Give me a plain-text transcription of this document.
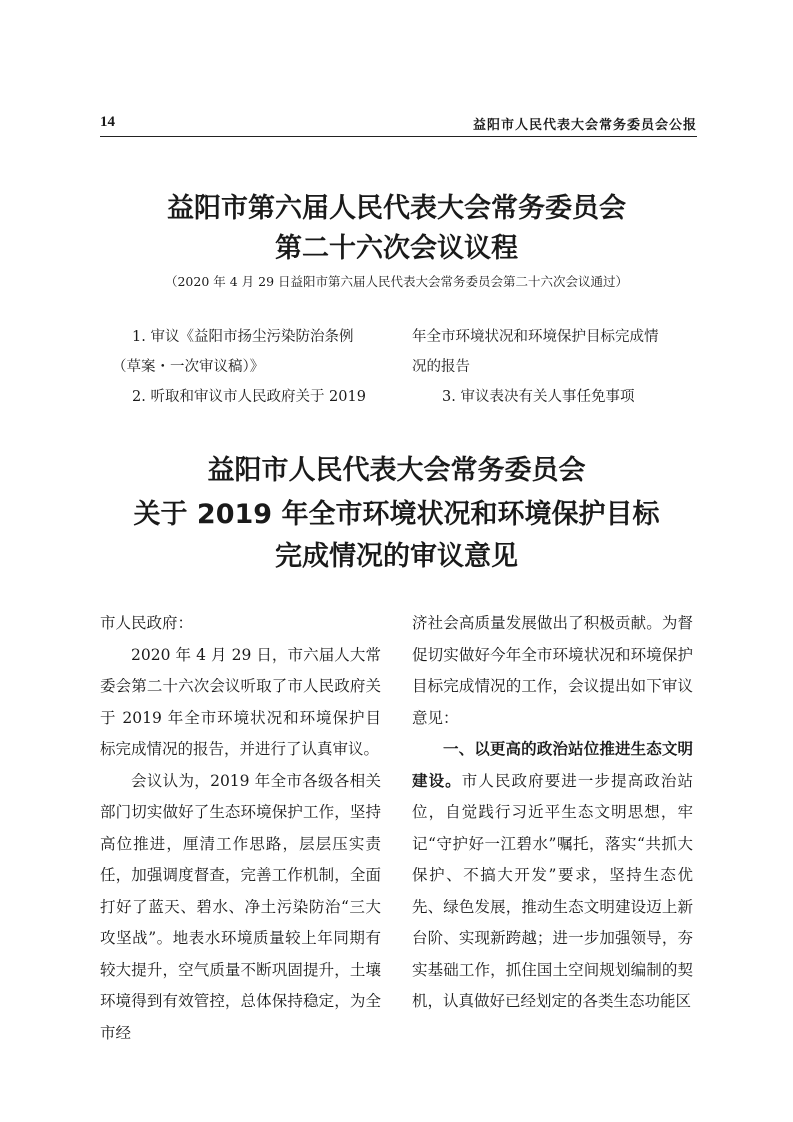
14	益阳市人民代表大会常务委员会公报
益阳市第六届人民代表大会常务委员会
第二十六次会议议程

（2020 年 4 月 29 日益阳市第六届人民代表大会常务委员会第二十六次会议通过）

1. 审议《益阳市扬尘污染防治条例
（草案・一次审议稿）》
2. 听取和审议市人民政府关于 2019
年全市环境状况和环境保护目标完成情
况的报告
3. 审议表决有关人事任免事项
益阳市人民代表大会常务委员会
关于 2019 年全市环境状况和环境保护目标
完成情况的审议意见

市人民政府：

2020 年 4 月 29 日，市六届人大常委会第二十六次会议听取了市人民政府关于 2019 年全市环境状况和环境保护目标完成情况的报告，并进行了认真审议。

会议认为，2019 年全市各级各相关部门切实做好了生态环境保护工作，坚持高位推进，厘清工作思路，层层压实责任，加强调度督查，完善工作机制，全面打好了蓝天、碧水、净土污染防治“三大攻坚战”。地表水环境质量较上年同期有较大提升，空气质量不断巩固提升，土壤环境得到有效管控，总体保持稳定，为全市经

济社会高质量发展做出了积极贡献。为督促切实做好今年全市环境状况和环境保护目标完成情况的工作，会议提出如下审议意见：

一、以更高的政治站位推进生态文明建设。市人民政府要进一步提高政治站位，自觉践行习近平生态文明思想，牢记“守护好一江碧水”嘱托，落实“共抓大保护、不搞大开发”要求，坚持生态优先、绿色发展，推动生态文明建设迈上新台阶、实现新跨越；进一步加强领导，夯实基础工作，抓住国土空间规划编制的契机，认真做好已经划定的各类生态功能区
